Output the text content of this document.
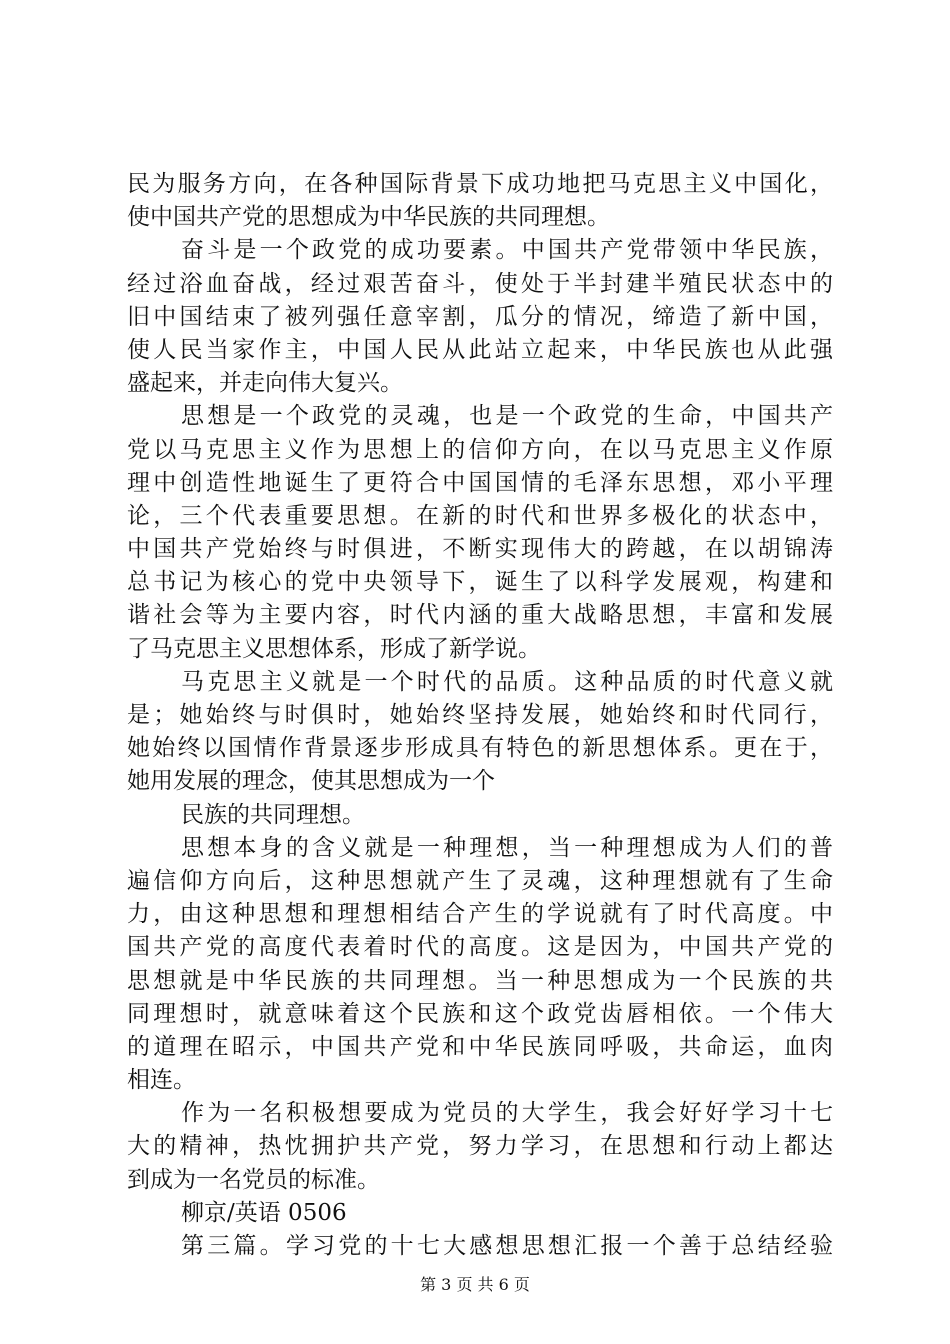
民为服务方向，在各种国际背景下成功地把马克思主义中国化，
使中国共产党的思想成为中华民族的共同理想。
奋斗是一个政党的成功要素。中国共产党带领中华民族，
经过浴血奋战，经过艰苦奋斗，使处于半封建半殖民状态中的
旧中国结束了被列强任意宰割，瓜分的情况，缔造了新中国，
使人民当家作主，中国人民从此站立起来，中华民族也从此强
盛起来，并走向伟大复兴。
思想是一个政党的灵魂，也是一个政党的生命，中国共产
党以马克思主义作为思想上的信仰方向，在以马克思主义作原
理中创造性地诞生了更符合中国国情的毛泽东思想，邓小平理
论，三个代表重要思想。在新的时代和世界多极化的状态中，
中国共产党始终与时俱进，不断实现伟大的跨越，在以胡锦涛
总书记为核心的党中央领导下，诞生了以科学发展观，构建和
谐社会等为主要内容，时代内涵的重大战略思想，丰富和发展
了马克思主义思想体系，形成了新学说。
马克思主义就是一个时代的品质。这种品质的时代意义就
是；她始终与时俱时，她始终坚持发展，她始终和时代同行，
她始终以国情作背景逐步形成具有特色的新思想体系。更在于，
她用发展的理念，使其思想成为一个
民族的共同理想。
思想本身的含义就是一种理想，当一种理想成为人们的普
遍信仰方向后，这种思想就产生了灵魂，这种理想就有了生命
力，由这种思想和理想相结合产生的学说就有了时代高度。中
国共产党的高度代表着时代的高度。这是因为，中国共产党的
思想就是中华民族的共同理想。当一种思想成为一个民族的共
同理想时，就意味着这个民族和这个政党齿唇相依。一个伟大
的道理在昭示，中国共产党和中华民族同呼吸，共命运，血肉
相连。
作为一名积极想要成为党员的大学生，我会好好学习十七
大的精神，热忱拥护共产党，努力学习，在思想和行动上都达
到成为一名党员的标准。
柳京/英语 0506
第三篇。学习党的十七大感想思想汇报一个善于总结经验
第 3 页 共 6 页
